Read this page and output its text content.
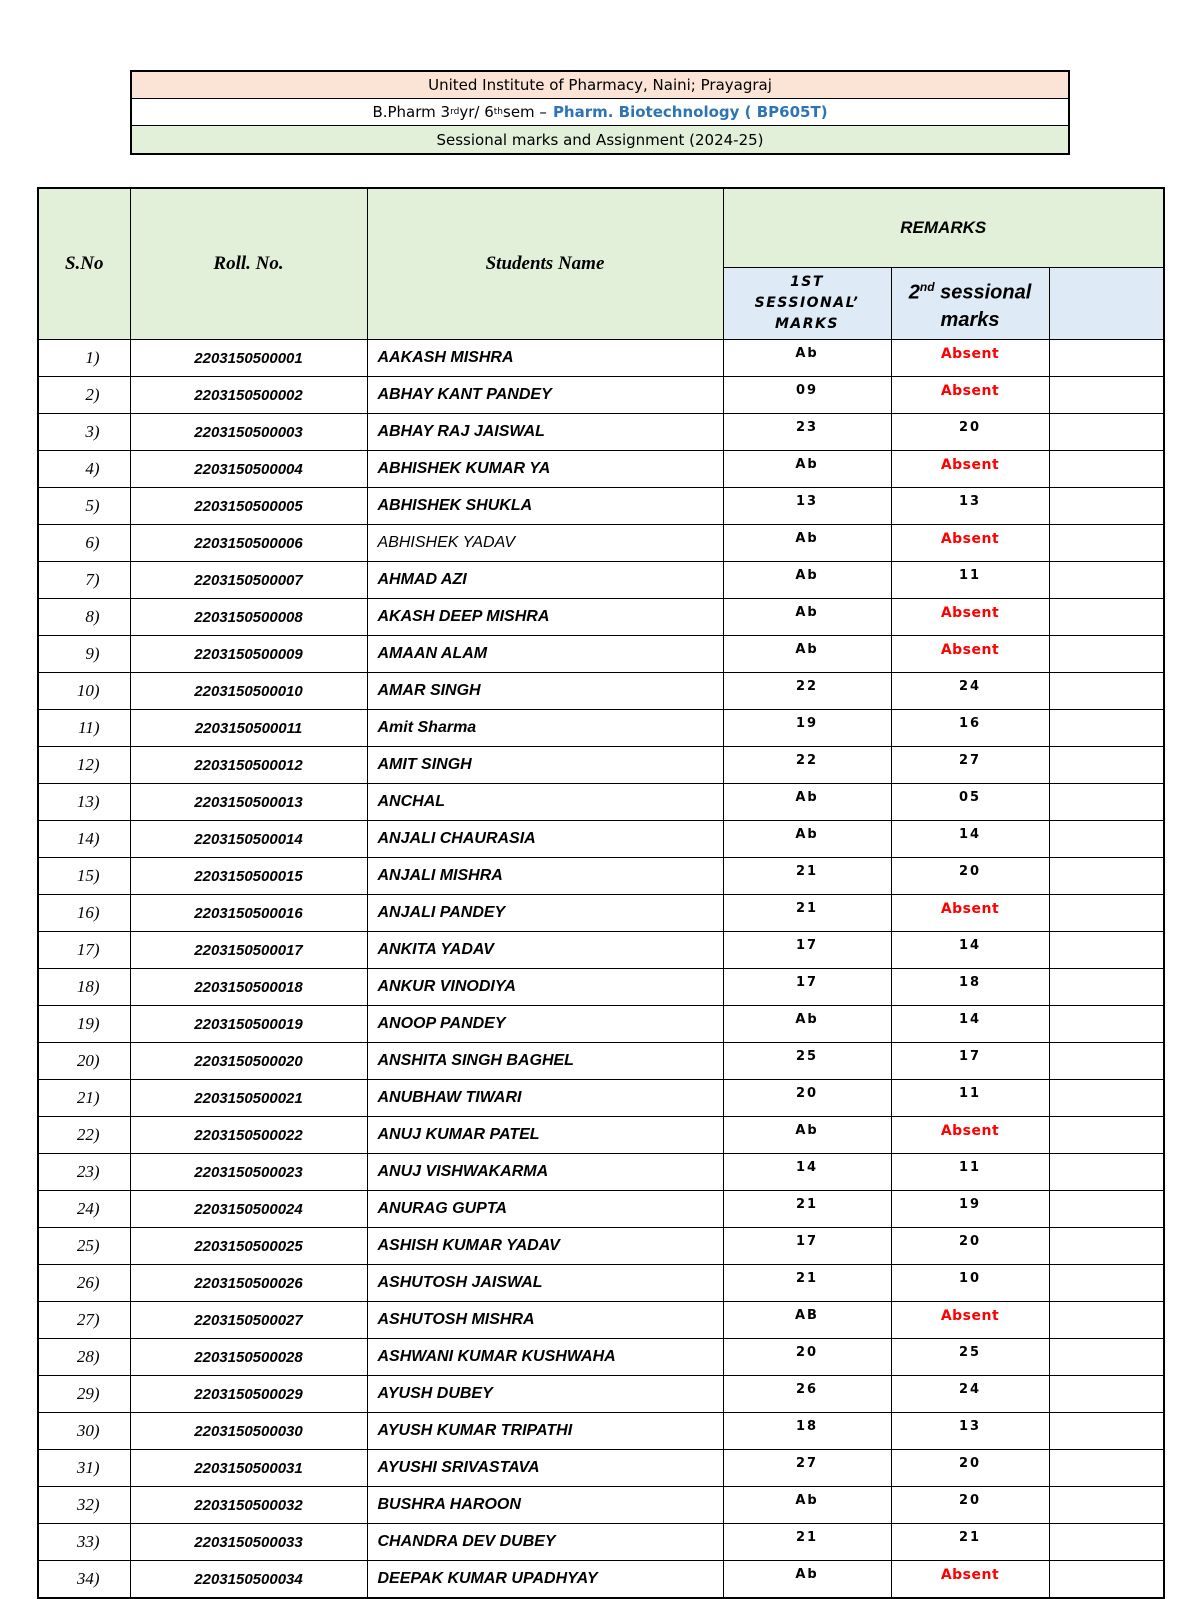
United Institute of Pharmacy, Naini; Prayagraj
B.Pharm 3 rd yr/ 6 th sem – Pharm. Biotechnology ( BP605T)
Sessional marks and Assignment (2024-25)
S.No	Roll. No.	Students Name	REMARKS		
			1ST
SESSIONAL’
MARKS	2nd sessional
marks	
1)	2203150500001	AAKASH MISHRA	Ab	Absent	
2)	2203150500002	ABHAY KANT PANDEY	09	Absent	
3)	2203150500003	ABHAY RAJ JAISWAL	23	20	
4)	2203150500004	ABHISHEK KUMAR YA	Ab	Absent	
5)	2203150500005	ABHISHEK SHUKLA	13	13	
6)	2203150500006	ABHISHEK YADAV	Ab	Absent	
7)	2203150500007	AHMAD AZI	Ab	11	
8)	2203150500008	AKASH DEEP MISHRA	Ab	Absent	
9)	2203150500009	AMAAN ALAM	Ab	Absent	
10)	2203150500010	AMAR SINGH	22	24	
11)	2203150500011	Amit Sharma	19	16	
12)	2203150500012	AMIT SINGH	22	27	
13)	2203150500013	ANCHAL	Ab	05	
14)	2203150500014	ANJALI CHAURASIA	Ab	14	
15)	2203150500015	ANJALI MISHRA	21	20	
16)	2203150500016	ANJALI PANDEY	21	Absent	
17)	2203150500017	ANKITA YADAV	17	14	
18)	2203150500018	ANKUR VINODIYA	17	18	
19)	2203150500019	ANOOP PANDEY	Ab	14	
20)	2203150500020	ANSHITA SINGH BAGHEL	25	17	
21)	2203150500021	ANUBHAW TIWARI	20	11	
22)	2203150500022	ANUJ KUMAR PATEL	Ab	Absent	
23)	2203150500023	ANUJ VISHWAKARMA	14	11	
24)	2203150500024	ANURAG GUPTA	21	19	
25)	2203150500025	ASHISH KUMAR YADAV	17	20	
26)	2203150500026	ASHUTOSH JAISWAL	21	10	
27)	2203150500027	ASHUTOSH MISHRA	AB	Absent	
28)	2203150500028	ASHWANI KUMAR KUSHWAHA	20	25	
29)	2203150500029	AYUSH DUBEY	26	24	
30)	2203150500030	AYUSH KUMAR TRIPATHI	18	13	
31)	2203150500031	AYUSHI SRIVASTAVA	27	20	
32)	2203150500032	BUSHRA HAROON	Ab	20	
33)	2203150500033	CHANDRA DEV DUBEY	21	21	
34)	2203150500034	DEEPAK KUMAR UPADHYAY	Ab	Absent	
